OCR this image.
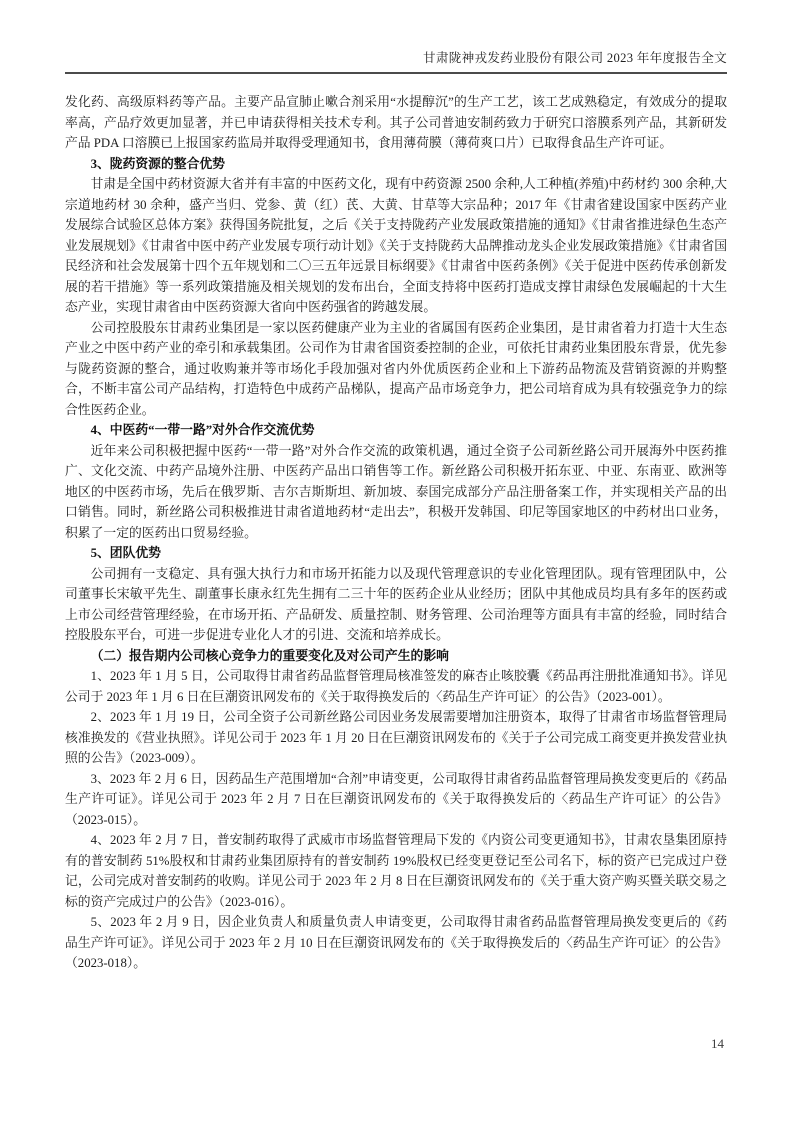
甘肃陇神戎发药业股份有限公司 2023 年年度报告全文

发化药、高级原料药等产品。主要产品宣肺止嗽合剂采用“水提醇沉”的生产工艺，该工艺成熟稳定，有效成分的提取率高，产品疗效更加显著，并已申请获得相关技术专利。其子公司普迪安制药致力于研究口溶膜系列产品，其新研发产品 PDA 口溶膜已上报国家药监局并取得受理通知书，食用薄荷膜（薄荷爽口片）已取得食品生产许可证。

3、陇药资源的整合优势

甘肃是全国中药材资源大省并有丰富的中医药文化，现有中药资源 2500 余种,人工种植(养殖)中药材约 300 余种,大宗道地药材 30 余种，盛产当归、党参、黄（红）芪、大黄、甘草等大宗品种；2017 年《甘肃省建设国家中医药产业发展综合试验区总体方案》获得国务院批复，之后《关于支持陇药产业发展政策措施的通知》《甘肃省推进绿色生态产业发展规划》《甘肃省中医中药产业发展专项行动计划》《关于支持陇药大品牌推动龙头企业发展政策措施》《甘肃省国民经济和社会发展第十四个五年规划和二〇三五年远景目标纲要》《甘肃省中医药条例》《关于促进中医药传承创新发展的若干措施》等一系列政策措施及相关规划的发布出台，全面支持将中医药打造成支撑甘肃绿色发展崛起的十大生态产业，实现甘肃省由中医药资源大省向中医药强省的跨越发展。

公司控股股东甘肃药业集团是一家以医药健康产业为主业的省属国有医药企业集团，是甘肃省着力打造十大生态产业之中医中药产业的牵引和承载集团。公司作为甘肃省国资委控制的企业，可依托甘肃药业集团股东背景，优先参与陇药资源的整合，通过收购兼并等市场化手段加强对省内外优质医药企业和上下游药品物流及营销资源的并购整合，不断丰富公司产品结构，打造特色中成药产品梯队，提高产品市场竞争力，把公司培育成为具有较强竞争力的综合性医药企业。

4、中医药“一带一路”对外合作交流优势

近年来公司积极把握中医药“一带一路”对外合作交流的政策机遇，通过全资子公司新丝路公司开展海外中医药推广、文化交流、中药产品境外注册、中医药产品出口销售等工作。新丝路公司积极开拓东亚、中亚、东南亚、欧洲等地区的中医药市场，先后在俄罗斯、吉尔吉斯斯坦、新加坡、泰国完成部分产品注册备案工作，并实现相关产品的出口销售。同时，新丝路公司积极推进甘肃省道地药材“走出去”，积极开发韩国、印尼等国家地区的中药材出口业务，积累了一定的医药出口贸易经验。

5、团队优势

公司拥有一支稳定、具有强大执行力和市场开拓能力以及现代管理意识的专业化管理团队。现有管理团队中，公司董事长宋敏平先生、副董事长康永红先生拥有二三十年的医药企业从业经历；团队中其他成员均具有多年的医药或上市公司经营管理经验，在市场开拓、产品研发、质量控制、财务管理、公司治理等方面具有丰富的经验，同时结合控股股东平台，可进一步促进专业化人才的引进、交流和培养成长。

（二）报告期内公司核心竞争力的重要变化及对公司产生的影响

1、2023 年 1 月 5 日，公司取得甘肃省药品监督管理局核准签发的麻杏止咳胶囊《药品再注册批准通知书》。详见公司于 2023 年 1 月 6 日在巨潮资讯网发布的《关于取得换发后的〈药品生产许可证〉的公告》（2023-001）。

2、2023 年 1 月 19 日，公司全资子公司新丝路公司因业务发展需要增加注册资本，取得了甘肃省市场监督管理局核准换发的《营业执照》。详见公司于 2023 年 1 月 20 日在巨潮资讯网发布的《关于子公司完成工商变更并换发营业执照的公告》（2023-009）。

3、2023 年 2 月 6 日，因药品生产范围增加“合剂”申请变更，公司取得甘肃省药品监督管理局换发变更后的《药品生产许可证》。详见公司于 2023 年 2 月 7 日在巨潮资讯网发布的《关于取得换发后的〈药品生产许可证〉的公告》（2023-015）。

4、2023 年 2 月 7 日，普安制药取得了武威市市场监督管理局下发的《内资公司变更通知书》，甘肃农垦集团原持有的普安制药 51%股权和甘肃药业集团原持有的普安制药 19%股权已经变更登记至公司名下，标的资产已完成过户登记，公司完成对普安制药的收购。详见公司于 2023 年 2 月 8 日在巨潮资讯网发布的《关于重大资产购买暨关联交易之标的资产完成过户的公告》（2023-016）。

5、2023 年 2 月 9 日，因企业负责人和质量负责人申请变更，公司取得甘肃省药品监督管理局换发变更后的《药品生产许可证》。详见公司于 2023 年 2 月 10 日在巨潮资讯网发布的《关于取得换发后的〈药品生产许可证〉的公告》（2023-018）。

14
